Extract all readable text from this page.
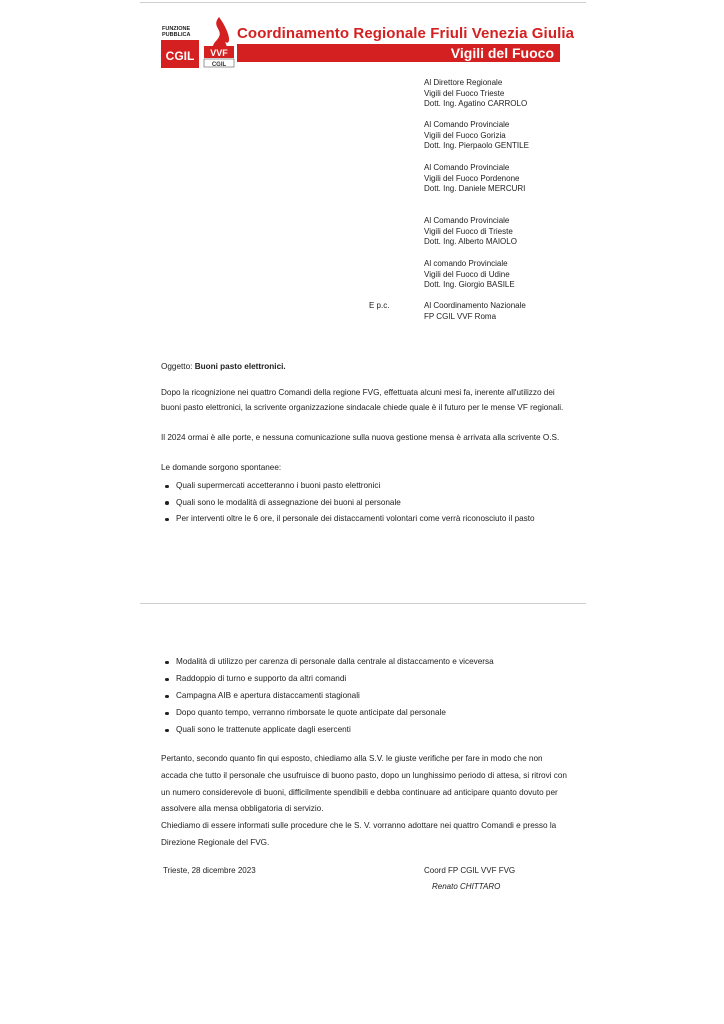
FUNZIONE
PUBBLICA
CGIL VVF
CGIL
Coordinamento Regionale Friuli Venezia Giulia
Vigili del Fuoco
Al Direttore Regionale
Vigili del Fuoco Trieste
Dott. Ing. Agatino CARROLO
Al Comando Provinciale
Vigili del Fuoco Gorizia
Dott. Ing. Pierpaolo GENTILE
Al Comando Provinciale
Vigili del Fuoco Pordenone
Dott. Ing. Daniele MERCURI
Al Comando Provinciale
Vigili del Fuoco di Trieste
Dott. Ing. Alberto MAIOLO
Al comando Provinciale
Vigili del Fuoco di Udine
Dott. Ing. Giorgio BASILE
Al Coordinamento Nazionale
FP CGIL VVF Roma
E p.c.
Oggetto: Buoni pasto elettronici.
Dopo la ricognizione nei quattro Comandi della regione FVG, effettuata alcuni mesi fa, inerente all'utilizzo dei buoni pasto elettronici, la scrivente organizzazione sindacale chiede quale è il futuro per le mense VF regionali.
Il 2024 ormai è alle porte, e nessuna comunicazione sulla nuova gestione mensa è arrivata alla scrivente O.S.
Le domande sorgono spontanee:
Quali supermercati accetteranno i buoni pasto elettronici
Quali sono le modalità di assegnazione dei buoni al personale
Per interventi oltre le 6 ore, il personale dei distaccamenti volontari come verrà riconosciuto il pasto
Modalità di utilizzo per carenza di personale dalla centrale al distaccamento e viceversa
Raddoppio di turno e supporto da altri comandi
Campagna AIB e apertura distaccamenti stagionali
Dopo quanto tempo, verranno rimborsate le quote anticipate dal personale
Quali sono le trattenute applicate dagli esercenti
Pertanto, secondo quanto fin qui esposto, chiediamo alla S.V. le giuste verifiche per fare in modo che non accada che tutto il personale che usufruisce di buono pasto, dopo un lunghissimo periodo di attesa, si ritrovi con un numero considerevole di buoni, difficilmente spendibili e debba continuare ad anticipare quanto dovuto per assolvere alla mensa obbligatoria di servizio.
Chiediamo di essere informati sulle procedure che le S. V. vorranno adottare nei quattro Comandi e presso la Direzione Regionale del FVG.
Trieste, 28 dicembre 2023	Coord FP CGIL VVF FVG
Renato CHITTARO
